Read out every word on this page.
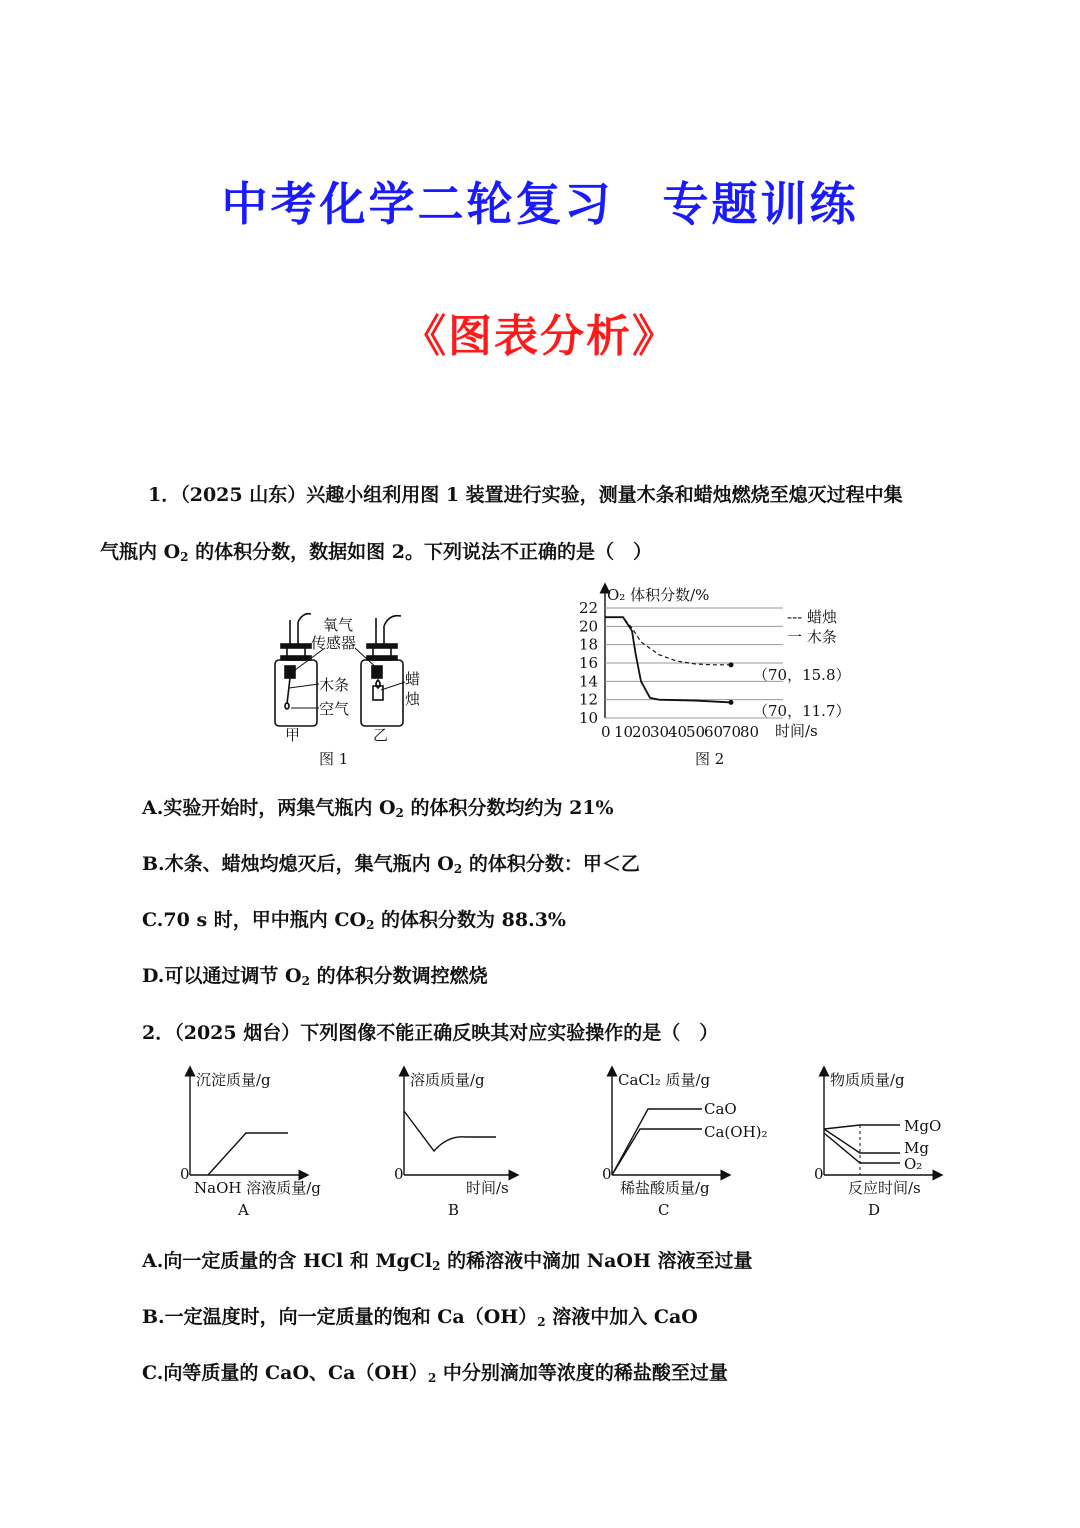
中考化学二轮复习　专题训练
《图表分析》
1．（2025 山东）兴趣小组利用图 1 装置进行实验，测量木条和蜡烛燃烧至熄灭过程中集
气瓶内 $O_2$ 的体积分数，数据如图 2。下列说法不正确的是（　）
氧气
传感器
木条
空气
蜡
烛
甲	乙
图 1
O₂ 体积分数/%
时间/s
--- 蜡烛
一 木条
（70，15.8）
（70，11.7）
10
12
14
16
18
20
22
0 10
20
30
40
50
60
70
80
图 2
A.实验开始时，两集气瓶内 $O_2$ 的体积分数均约为 21%
B.木条、蜡烛均熄灭后，集气瓶内 $O_2$ 的体积分数：甲＜乙
C.70 s 时，甲中瓶内 $CO_2$ 的体积分数为 88.3%
D.可以通过调节 $O_2$ 的体积分数调控燃烧
2．（2025 烟台）下列图像不能正确反映其对应实验操作的是（　）
沉淀质量/g
0
NaOH 溶液质量/g
A
溶质质量/g
0
时间/s
B
CaCl₂ 质量/g
0
稀盐酸质量/g
CaO
Ca(OH)₂
C
物质质量/g
0
反应时间/s
MgO
Mg
O₂
D
A.向一定质量的含 HCl 和 MgCl$_2$ 的稀溶液中滴加 NaOH 溶液至过量
B.一定温度时，向一定质量的饱和 $Ca(OH)_2$ 溶液中加入 CaO
C.向等质量的 CaO、$Ca(OH)_2$ 中分别滴加等浓度的稀盐酸至过量
